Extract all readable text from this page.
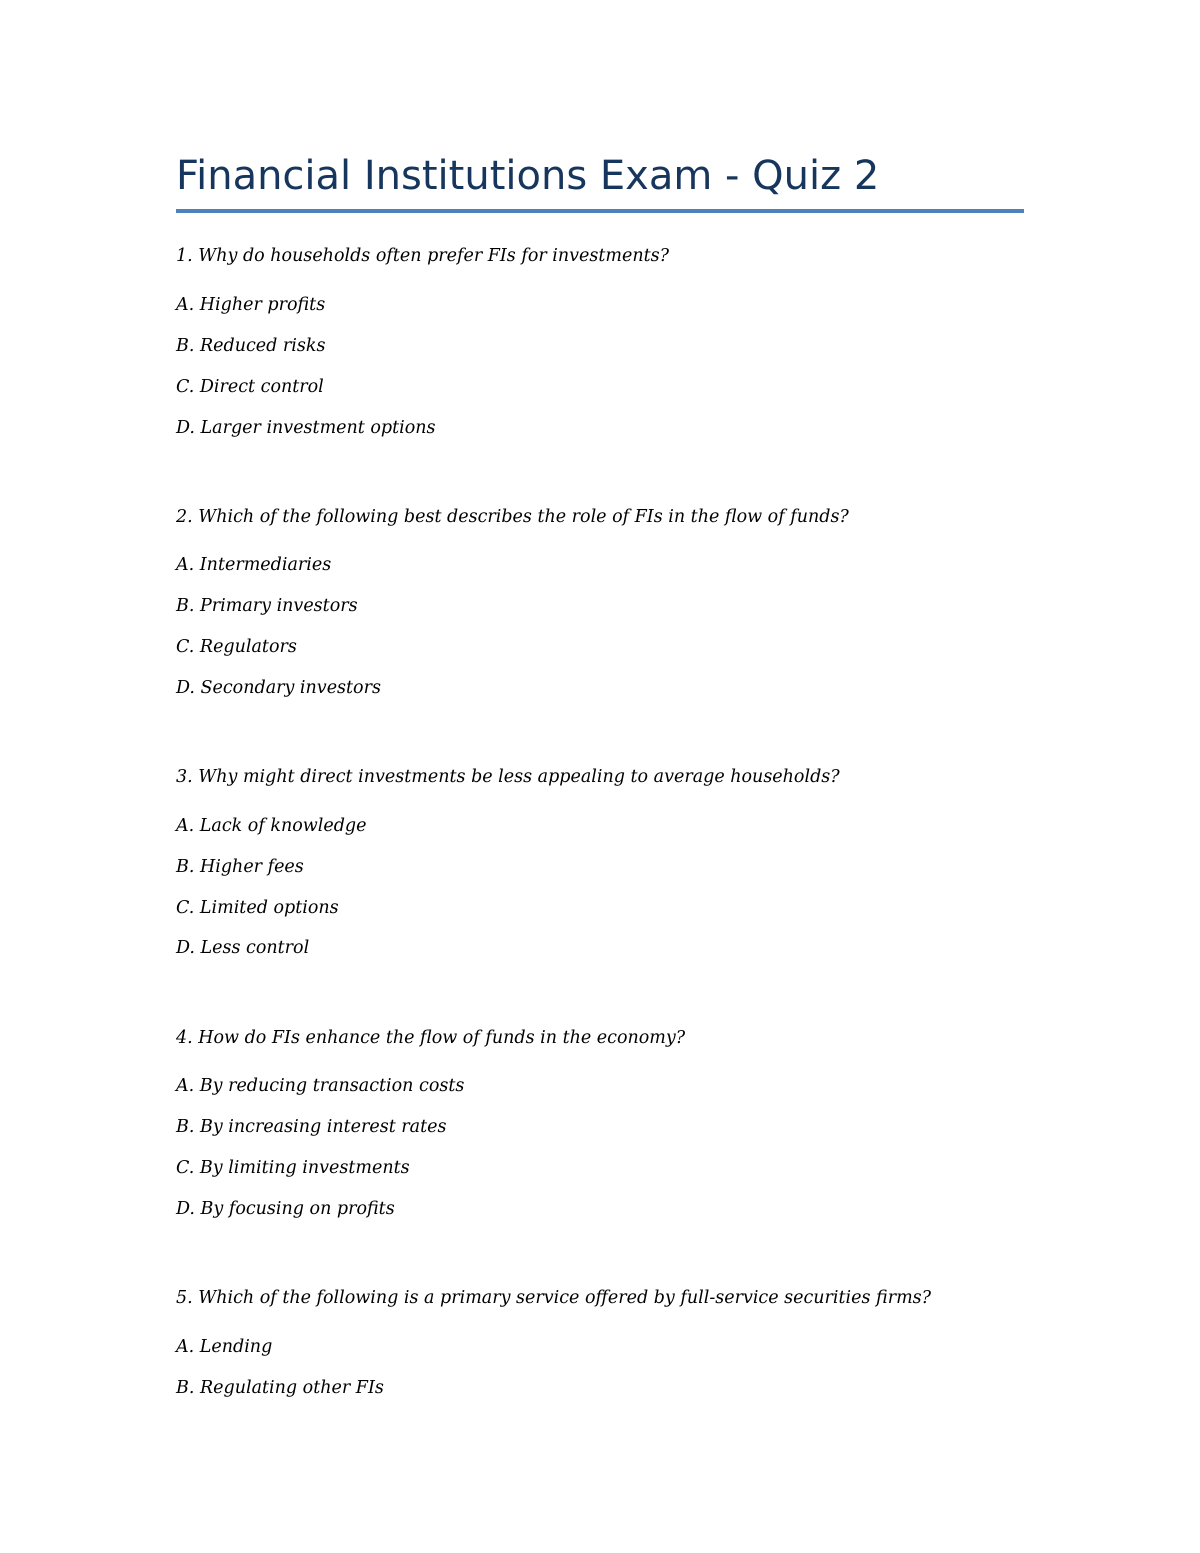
Financial Institutions Exam - Quiz 2

1. Why do households often prefer FIs for investments?

A. Higher profits

B. Reduced risks

C. Direct control

D. Larger investment options

2. Which of the following best describes the role of FIs in the flow of funds?

A. Intermediaries

B. Primary investors

C. Regulators

D. Secondary investors

3. Why might direct investments be less appealing to average households?

A. Lack of knowledge

B. Higher fees

C. Limited options

D. Less control

4. How do FIs enhance the flow of funds in the economy?

A. By reducing transaction costs

B. By increasing interest rates

C. By limiting investments

D. By focusing on profits

5. Which of the following is a primary service offered by full-service securities firms?

A. Lending

B. Regulating other FIs
